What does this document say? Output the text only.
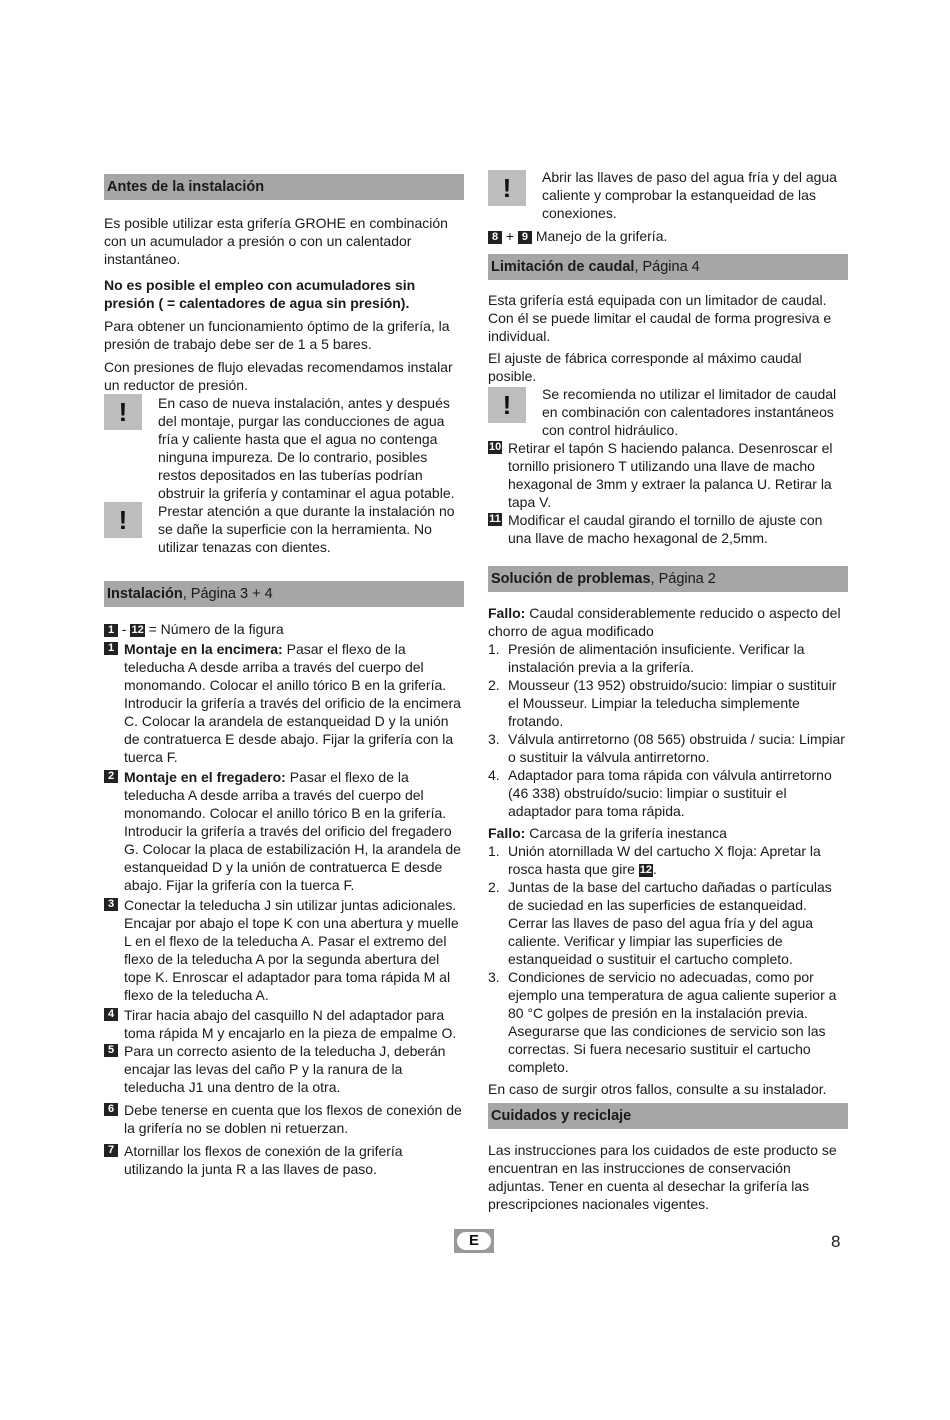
Antes de la instalación

Es posible utilizar esta grifería GROHE en combinación con un acumulador a presión o con un calentador instantáneo.

No es posible el empleo con acumuladores sin presión ( = calentadores de agua sin presión).

Para obtener un funcionamiento óptimo de la grifería, la presión de trabajo debe ser de 1 a 5 bares.

Con presiones de flujo elevadas recomendamos instalar un reductor de presión.

! En caso de nueva instalación, antes y después del montaje, purgar las conducciones de agua fría y caliente hasta que el agua no contenga ninguna impureza. De lo contrario, posibles restos depositados en las tuberías podrían obstruir la grifería y contaminar el agua potable.

! Prestar atención a que durante la instalación no se dañe la superficie con la herramienta. No utilizar tenazas con dientes.

Instalación, Página 3 + 4

1 - 12 = Número de la figura

1 Montaje en la encimera: Pasar el flexo de la teleducha A desde arriba a través del cuerpo del monomando. Colocar el anillo tórico B en la grifería. Introducir la grifería a través del orificio de la encimera C. Colocar la arandela de estanqueidad D y la unión de contratuerca E desde abajo. Fijar la grifería con la tuerca F.
2 Montaje en el fregadero: Pasar el flexo de la teleducha A desde arriba a través del cuerpo del monomando. Colocar el anillo tórico B en la grifería. Introducir la grifería a través del orificio del fregadero G. Colocar la placa de estabilización H, la arandela de estanqueidad D y la unión de contratuerca E desde abajo. Fijar la grifería con la tuerca F.
3 Conectar la teleducha J sin utilizar juntas adicionales. Encajar por abajo el tope K con una abertura y muelle L en el flexo de la teleducha A. Pasar el extremo del flexo de la teleducha A por la segunda abertura del tope K. Enroscar el adaptador para toma rápida M al flexo de la teleducha A.
4 Tirar hacia abajo del casquillo N del adaptador para toma rápida M y encajarlo en la pieza de empalme O.
5 Para un correcto asiento de la teleducha J, deberán encajar las levas del caño P y la ranura de la teleducha J1 una dentro de la otra.
6 Debe tenerse en cuenta que los flexos de conexión de la grifería no se doblen ni retuerzan.
7 Atornillar los flexos de conexión de la grifería utilizando la junta R a las llaves de paso.
! Abrir las llaves de paso del agua fría y del agua caliente y comprobar la estanqueidad de las conexiones.

8 + 9 Manejo de la grifería.

Limitación de caudal, Página 4

Esta grifería está equipada con un limitador de caudal. Con él se puede limitar el caudal de forma progresiva e individual.

El ajuste de fábrica corresponde al máximo caudal posible.

! Se recomienda no utilizar el limitador de caudal en combinación con calentadores instantáneos con control hidráulico.

10 Retirar el tapón S haciendo palanca. Desenroscar el tornillo prisionero T utilizando una llave de macho hexagonal de 3mm y extraer la palanca U. Retirar la tapa V.
11 Modificar el caudal girando el tornillo de ajuste con una llave de macho hexagonal de 2,5mm.
Solución de problemas, Página 2

Fallo: Caudal considerablemente reducido o aspecto del chorro de agua modificado

1. Presión de alimentación insuficiente. Verificar la instalación previa a la grifería.
2. Mousseur (13 952) obstruido/sucio: limpiar o sustituir el Mousseur. Limpiar la teleducha simplemente frotando.
3. Válvula antirretorno (08 565) obstruida / sucia: Limpiar o sustituir la válvula antirretorno.
4. Adaptador para toma rápida con válvula antirretorno (46 338) obstruído/sucio: limpiar o sustituir el adaptador para toma rápida.

Fallo: Carcasa de la grifería inestanca

1. Unión atornillada W del cartucho X floja: Apretar la rosca hasta que gire 12.
2. Juntas de la base del cartucho dañadas o partículas de suciedad en las superficies de estanqueidad. Cerrar las llaves de paso del agua fría y del agua caliente. Verificar y limpiar las superficies de estanqueidad o sustituir el cartucho completo.
3. Condiciones de servicio no adecuadas, como por ejemplo una temperatura de agua caliente superior a 80 °C golpes de presión en la instalación previa. Asegurarse que las condiciones de servicio son las correctas. Si fuera necesario sustituir el cartucho completo.

En caso de surgir otros fallos, consulte a su instalador.

Cuidados y reciclaje

Las instrucciones para los cuidados de este producto se encuentran en las instrucciones de conservación adjuntas. Tener en cuenta al desechar la grifería las prescripciones nacionales vigentes.

E	8
